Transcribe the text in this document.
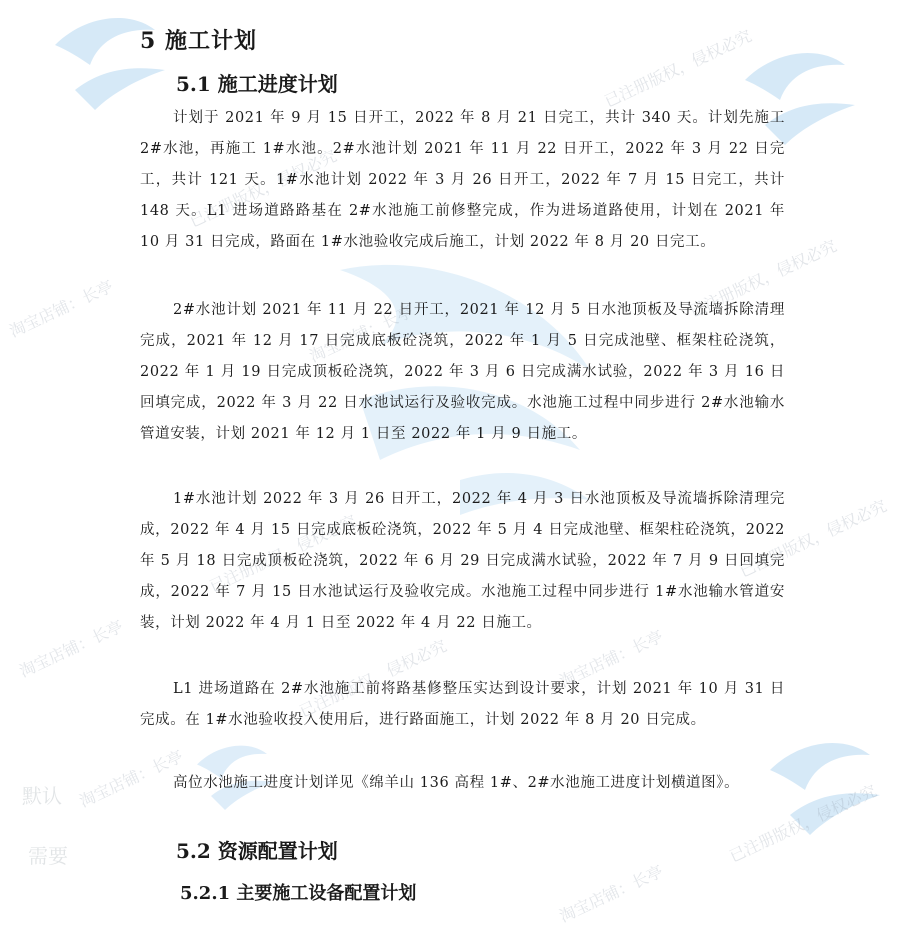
已注册版权，侵权必究
已注册版权，侵权必究
已注册版权，侵权必究
已注册版权，侵权必究
已注册版权，侵权必究
已注册版权，侵权必究
已注册版权，侵权必究
淘宝店铺：长亭
淘宝店铺：长亭	淘宝店铺：长亭
淘宝店铺：长亭
淘宝店铺：长亭
淘宝店铺：长亭
默认
需要
5 施工计划
5.1 施工进度计划
计划于 2021 年 9 月 15 日开工，2022 年 8 月 21 日完工，共计 340 天。计划先施工 2#水池，再施工 1#水池。2#水池计划 2021 年 11 月 22 日开工，2022 年 3 月 22 日完工，共计 121 天。1#水池计划 2022 年 3 月 26 日开工，2022 年 7 月 15 日完工，共计 148 天。L1 进场道路路基在 2#水池施工前修整完成，作为进场道路使用，计划在 2021 年 10 月 31 日完成，路面在 1#水池验收完成后施工，计划 2022 年 8 月 20 日完工。
2#水池计划 2021 年 11 月 22 日开工，2021 年 12 月 5 日水池顶板及导流墙拆除清理完成，2021 年 12 月 17 日完成底板砼浇筑，2022 年 1 月 5 日完成池壁、框架柱砼浇筑，2022 年 1 月 19 日完成顶板砼浇筑，2022 年 3 月 6 日完成满水试验，2022 年 3 月 16 日回填完成，2022 年 3 月 22 日水池试运行及验收完成。水池施工过程中同步进行 2#水池输水管道安装，计划 2021 年 12 月 1 日至 2022 年 1 月 9 日施工。
1#水池计划 2022 年 3 月 26 日开工，2022 年 4 月 3 日水池顶板及导流墙拆除清理完成，2022 年 4 月 15 日完成底板砼浇筑，2022 年 5 月 4 日完成池壁、框架柱砼浇筑，2022 年 5 月 18 日完成顶板砼浇筑，2022 年 6 月 29 日完成满水试验，2022 年 7 月 9 日回填完成，2022 年 7 月 15 日水池试运行及验收完成。水池施工过程中同步进行 1#水池输水管道安装，计划 2022 年 4 月 1 日至 2022 年 4 月 22 日施工。
L1 进场道路在 2#水池施工前将路基修整压实达到设计要求，计划 2021 年 10 月 31 日完成。在 1#水池验收投入使用后，进行路面施工，计划 2022 年 8 月 20 日完成。
高位水池施工进度计划详见《绵羊山 136 高程 1#、2#水池施工进度计划横道图》。
5.2 资源配置计划
5.2.1 主要施工设备配置计划
